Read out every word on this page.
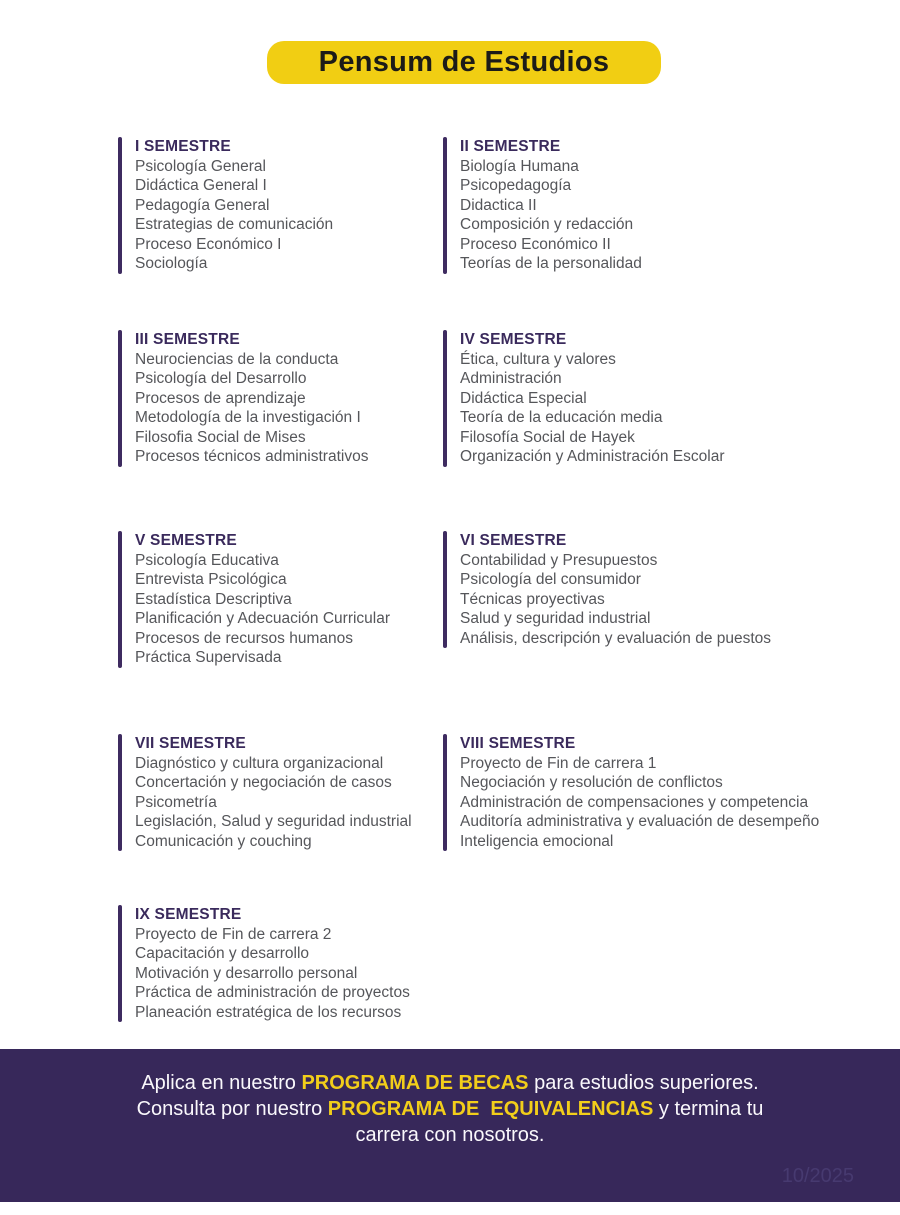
Pensum de Estudios
I SEMESTRE
Psicología General
Didáctica General I
Pedagogía General
Estrategias de comunicación
Proceso Económico I
Sociología
II SEMESTRE
Biología Humana
Psicopedagogía
Didactica II
Composición y redacción
Proceso Económico II
Teorías de la personalidad
III SEMESTRE
Neurociencias de la conducta
Psicología del Desarrollo
Procesos de aprendizaje
Metodología de la investigación I
Filosofia Social de Mises
Procesos técnicos administrativos
IV SEMESTRE
Ética, cultura y valores
Administración
Didáctica Especial
Teoría de la educación media
Filosofía Social de Hayek
Organización y Administración Escolar
V SEMESTRE
Psicología Educativa
Entrevista Psicológica
Estadística Descriptiva
Planificación y Adecuación Curricular
Procesos de recursos humanos
Práctica Supervisada
VI SEMESTRE
Contabilidad y Presupuestos
Psicología del consumidor
Técnicas proyectivas
Salud y seguridad industrial
Análisis, descripción y evaluación de puestos
VII SEMESTRE
Diagnóstico y cultura organizacional
Concertación y negociación de casos
Psicometría
Legislación, Salud y seguridad industrial
Comunicación y couching
VIII SEMESTRE
Proyecto de Fin de carrera 1
Negociación y resolución de conflictos
Administración de compensaciones y competencia
Auditoría administrativa y evaluación de desempeño
Inteligencia emocional
IX SEMESTRE
Proyecto de Fin de carrera 2
Capacitación y desarrollo
Motivación y desarrollo personal
Práctica de administración de proyectos
Planeación estratégica de los recursos
Aplica en nuestro PROGRAMA DE BECAS para estudios superiores.
Consulta por nuestro PROGRAMA DE  EQUIVALENCIAS y termina tu
carrera con nosotros.
10/2025
